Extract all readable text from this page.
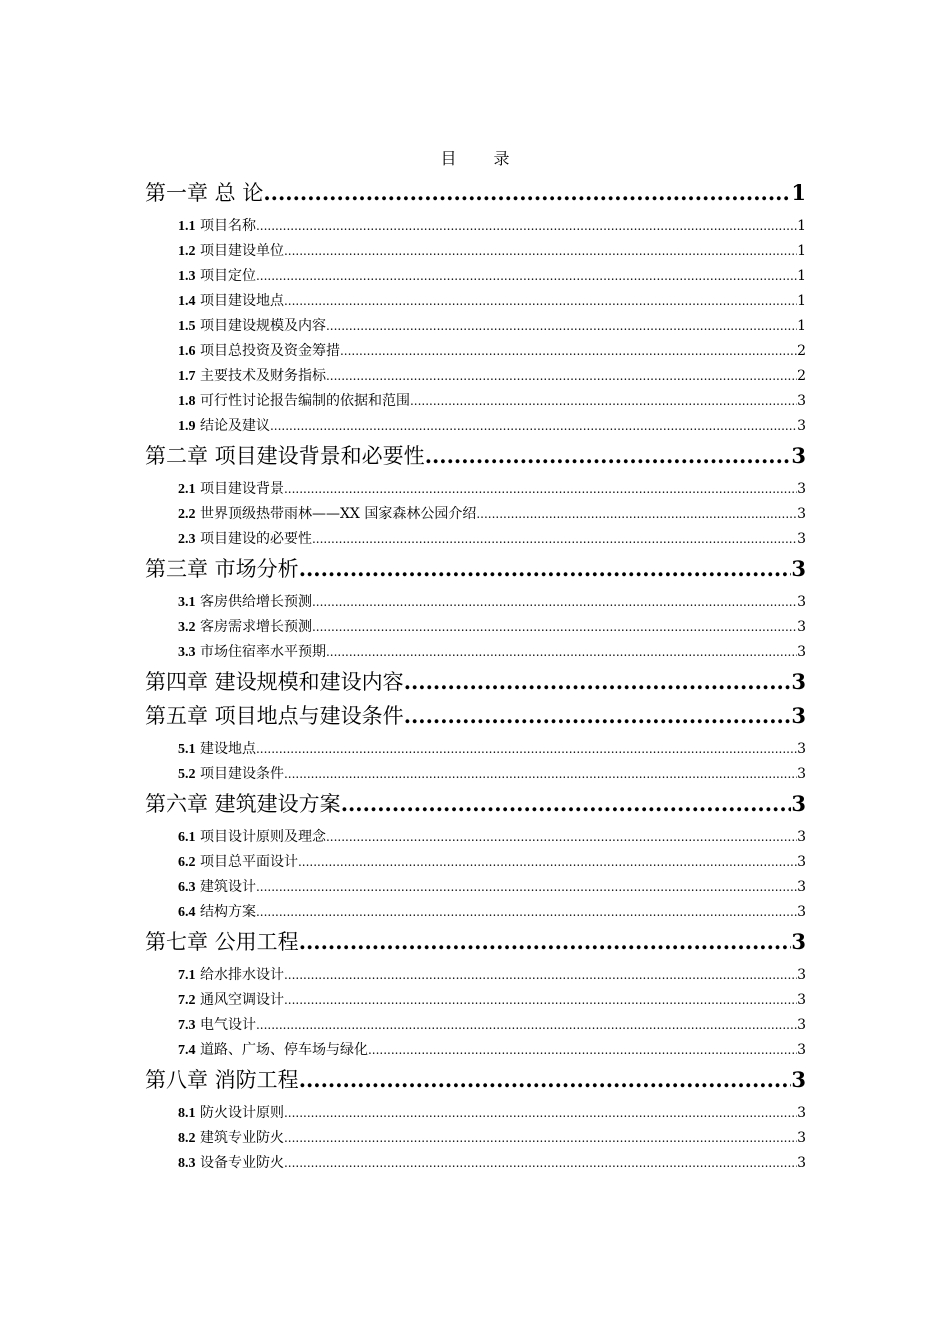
目 录
第一章 总 论 .....	1
1.1 项目名称 .....	1
1.2 项目建设单位 .....	1
1.3 项目定位 .....	1
1.4 项目建设地点 .....	1
1.5 项目建设规模及内容 .....	1
1.6 项目总投资及资金筹措 .....	2
1.7 主要技术及财务指标 .....	2
1.8 可行性讨论报告编制的依据和范围 .....	3
1.9 结论及建议 .....	3
第二章 项目建设背景和必要性 .....	3
2.1 项目建设背景 .....	3
2.2 世界顶级热带雨林——XX 国家森林公园介绍 .....	3
2.3 项目建设的必要性 .....	3
第三章 市场分析 .....	3
3.1 客房供给增长预测 .....	3
3.2 客房需求增长预测 .....	3
3.3 市场住宿率水平预期 .....	3
第四章 建设规模和建设内容 .....	3
第五章 项目地点与建设条件 .....	3
5.1 建设地点 .....	3
5.2 项目建设条件 .....	3
第六章 建筑建设方案 .....	3
6.1 项目设计原则及理念 .....	3
6.2 项目总平面设计 .....	3
6.3 建筑设计 .....	3
6.4 结构方案 .....	3
第七章 公用工程 .....	3
7.1 给水排水设计 .....	3
7.2 通风空调设计 .....	3
7.3 电气设计 .....	3
7.4 道路、广场、停车场与绿化 .....	3
第八章 消防工程 .....	3
8.1 防火设计原则 .....	3
8.2 建筑专业防火 .....	3
8.3 设备专业防火 .....	3
